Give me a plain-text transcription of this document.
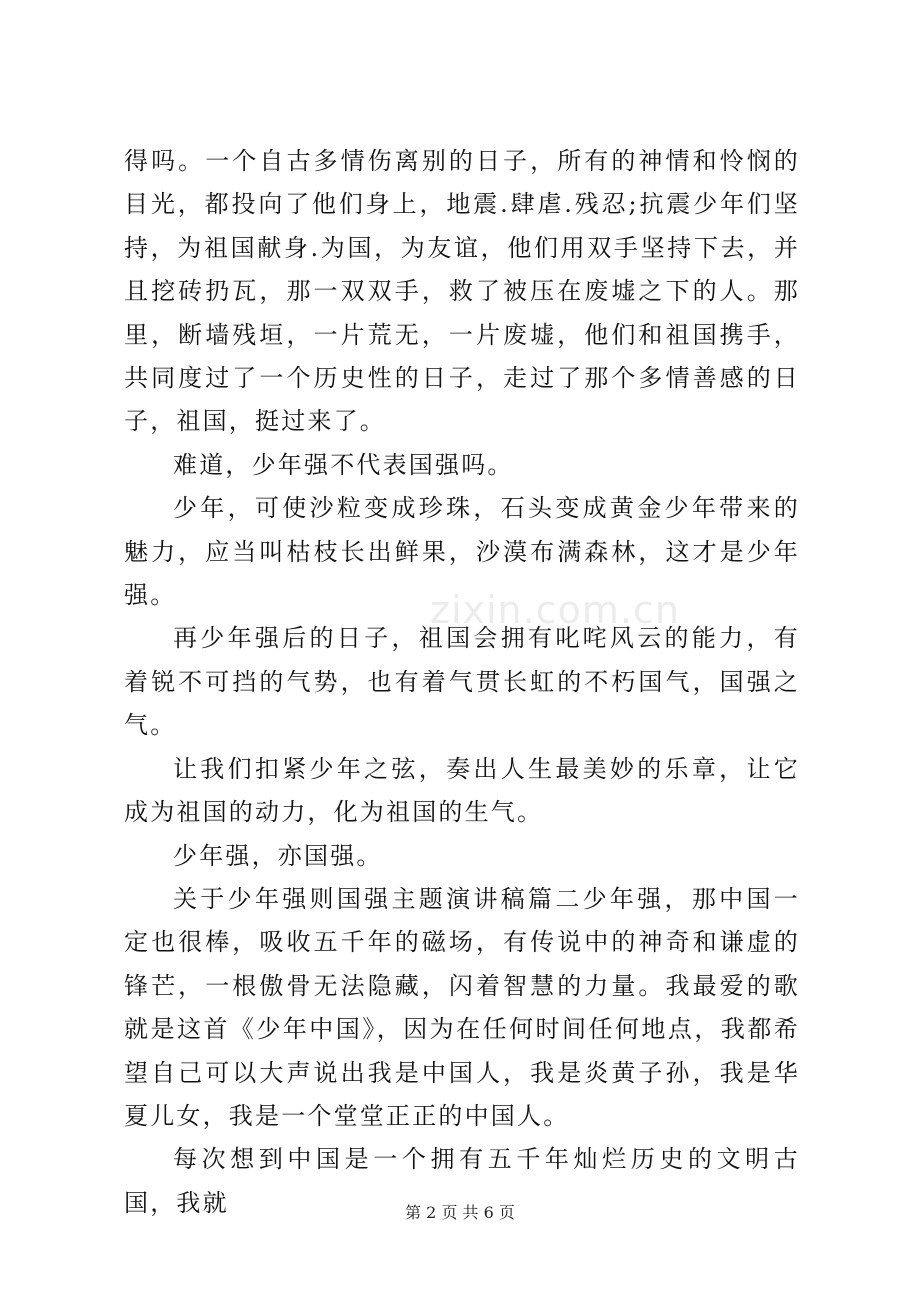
得吗。一个自古多情伤离别的日子，所有的神情和怜悯的目光，都投向了他们身上，地震.肆虐.残忍;抗震少年们坚持，为祖国献身.为国，为友谊，他们用双手坚持下去，并且挖砖扔瓦，那一双双手，救了被压在废墟之下的人。那里，断墙残垣，一片荒无，一片废墟，他们和祖国携手，共同度过了一个历史性的日子，走过了那个多情善感的日子，祖国，挺过来了。

难道，少年强不代表国强吗。

少年，可使沙粒变成珍珠，石头变成黄金少年带来的魅力，应当叫枯枝长出鲜果，沙漠布满森林，这才是少年强。

再少年强后的日子，祖国会拥有叱咤风云的能力，有着锐不可挡的气势，也有着气贯长虹的不朽国气，国强之气。

让我们扣紧少年之弦，奏出人生最美妙的乐章，让它成为祖国的动力，化为祖国的生气。

少年强，亦国强。

关于少年强则国强主题演讲稿篇二少年强，那中国一定也很棒，吸收五千年的磁场，有传说中的神奇和谦虚的锋芒，一根傲骨无法隐藏，闪着智慧的力量。我最爱的歌就是这首《少年中国》，因为在任何时间任何地点，我都希望自己可以大声说出我是中国人，我是炎黄子孙，我是华夏儿女，我是一个堂堂正正的中国人。

每次想到中国是一个拥有五千年灿烂历史的文明古国，我就

zixin.com.cn
第 2 页 共 6 页
